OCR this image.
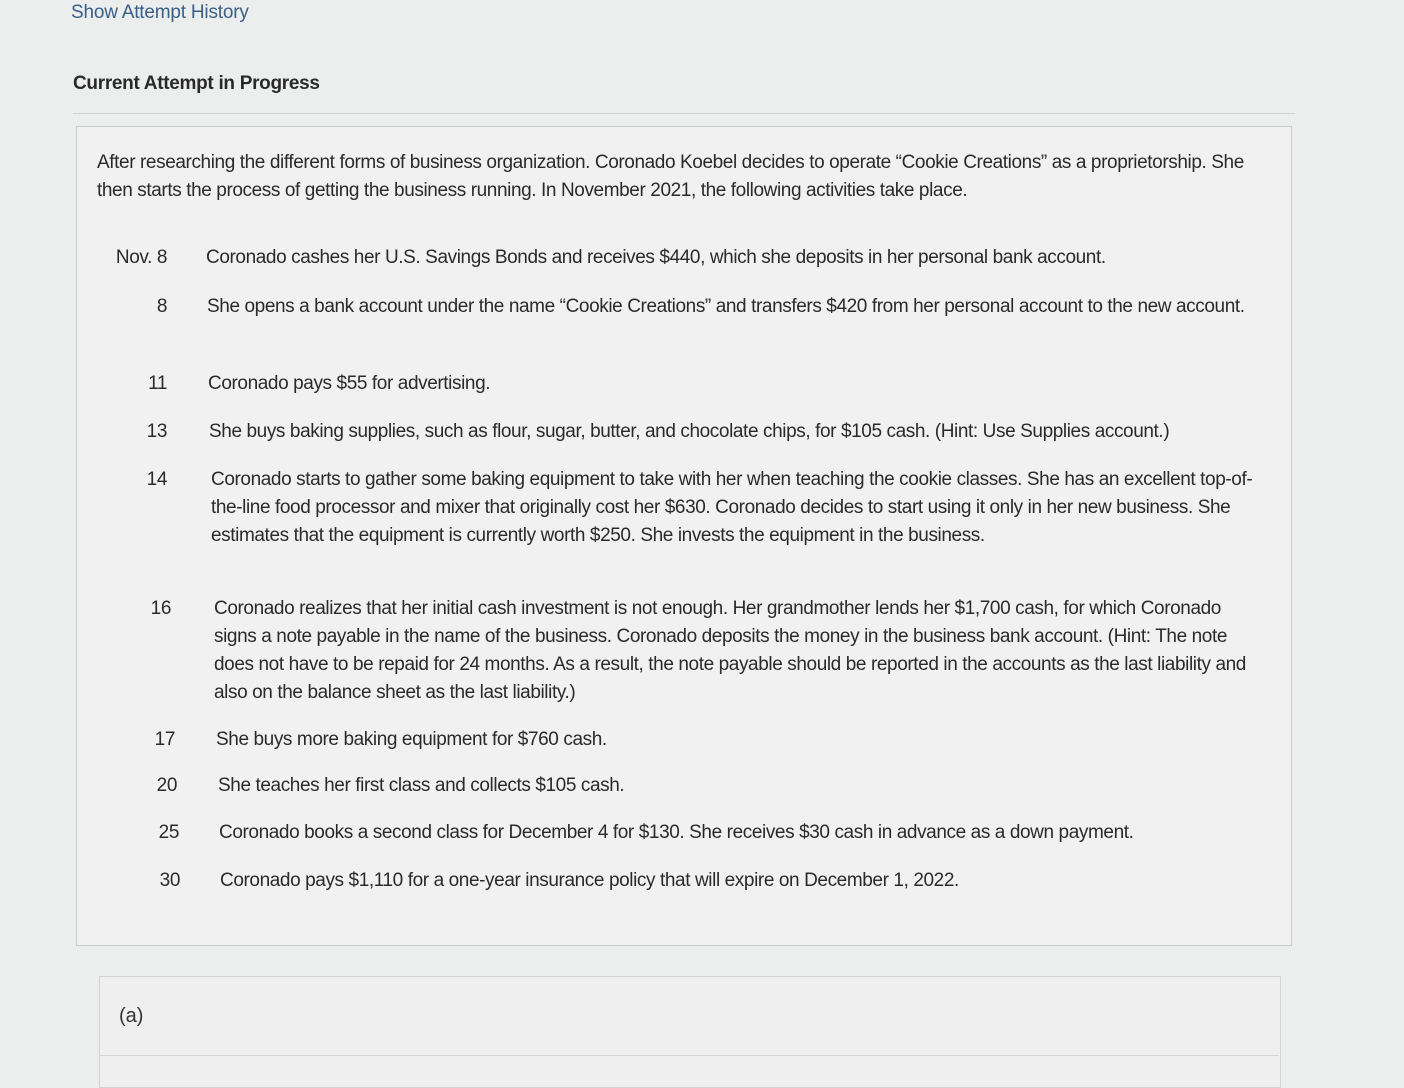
Show Attempt History
Current Attempt in Progress
After researching the different forms of business organization. Coronado Koebel decides to operate “Cookie Creations” as a proprietorship. She then starts the process of getting the business running. In November 2021, the following activities take place.
Nov. 8 Coronado cashes her U.S. Savings Bonds and receives $440, which she deposits in her personal bank account.
8 She opens a bank account under the name “Cookie Creations” and transfers $420 from her personal account to the new account.
11 Coronado pays $55 for advertising.
13 She buys baking supplies, such as flour, sugar, butter, and chocolate chips, for $105 cash. (Hint: Use Supplies account.)
14 Coronado starts to gather some baking equipment to take with her when teaching the cookie classes. She has an excellent top-of-the-line food processor and mixer that originally cost her $630. Coronado decides to start using it only in her new business. She estimates that the equipment is currently worth $250. She invests the equipment in the business.
16 Coronado realizes that her initial cash investment is not enough. Her grandmother lends her $1,700 cash, for which Coronado signs a note payable in the name of the business. Coronado deposits the money in the business bank account. (Hint: The note does not have to be repaid for 24 months. As a result, the note payable should be reported in the accounts as the last liability and also on the balance sheet as the last liability.)
17 She buys more baking equipment for $760 cash.
20 She teaches her first class and collects $105 cash.
25 Coronado books a second class for December 4 for $130. She receives $30 cash in advance as a down payment.
30 Coronado pays $1,110 for a one-year insurance policy that will expire on December 1, 2022.
(a)
